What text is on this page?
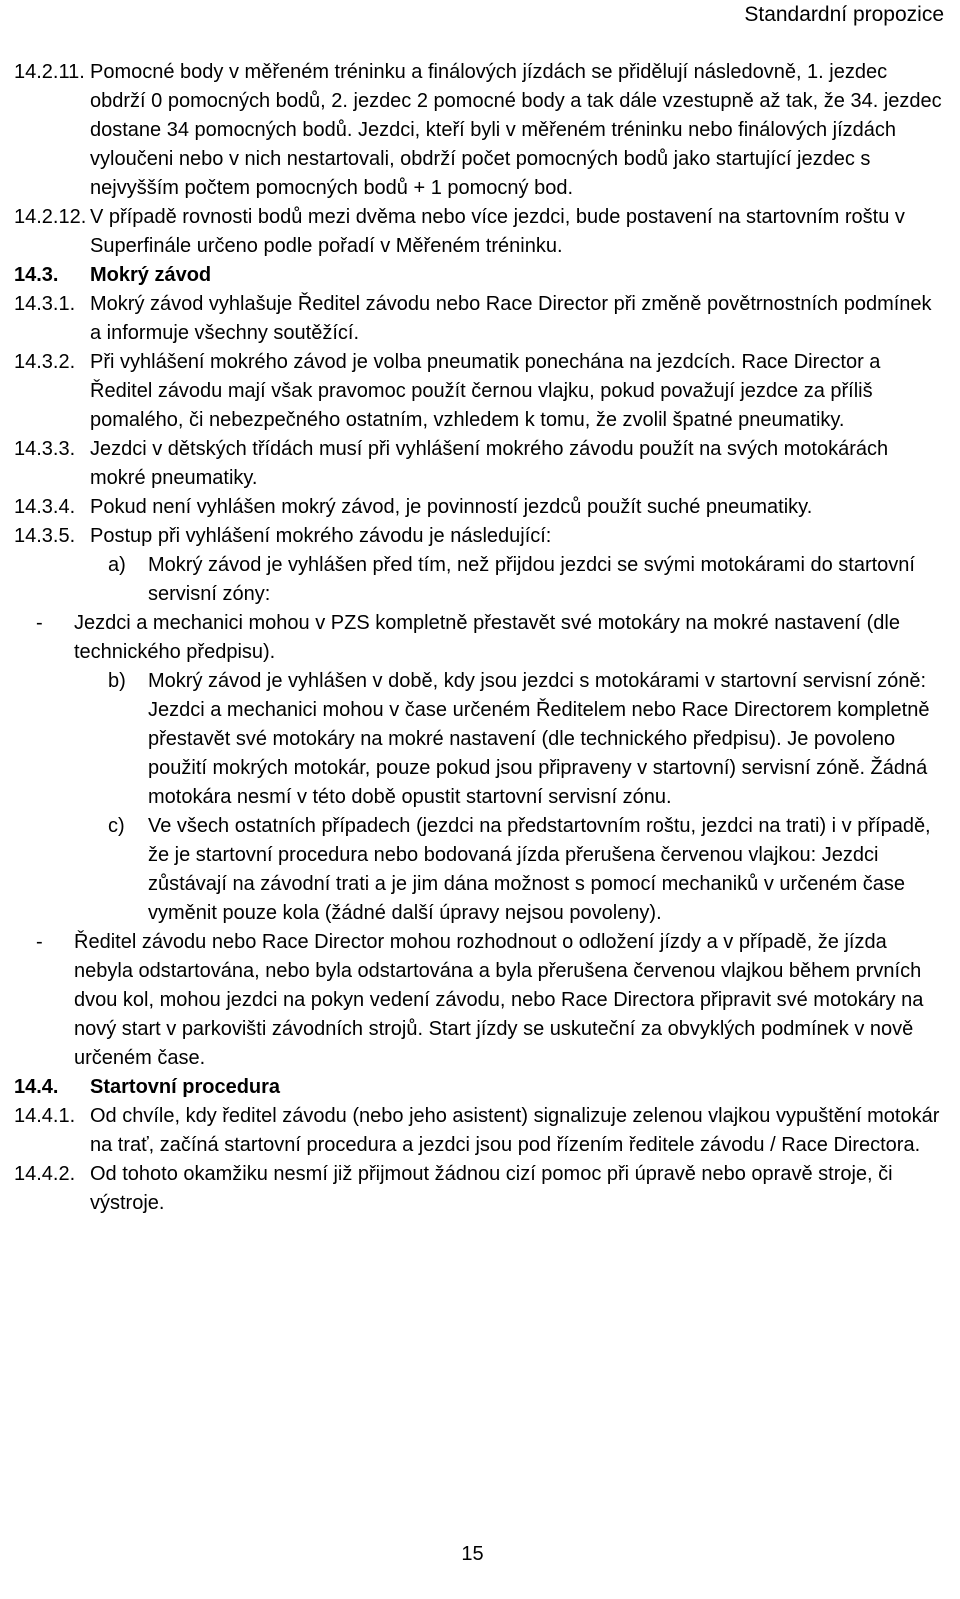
Standardní propozice
14.2.11. Pomocné body v měřeném tréninku a finálových jízdách se přidělují následovně, 1. jezdec obdrží 0 pomocných bodů, 2. jezdec 2 pomocné body a tak dále vzestupně až tak, že 34. jezdec dostane 34 pomocných bodů. Jezdci, kteří byli v měřeném tréninku nebo finálových jízdách vyloučeni nebo v nich nestartovali, obdrží počet pomocných bodů jako startující jezdec s nejvyšším počtem pomocných bodů + 1 pomocný bod.
14.2.12. V případě rovnosti bodů mezi dvěma nebo více jezdci, bude postavení na startovním roštu v Superfinále určeno podle pořadí v Měřeném tréninku.
14.3. Mokrý závod
14.3.1. Mokrý závod vyhlašuje Ředitel závodu nebo Race Director při změně povětrnostních podmínek a informuje všechny soutěžící.
14.3.2. Při vyhlášení mokrého závod je volba pneumatik ponechána na jezdcích. Race Director a Ředitel závodu mají však pravomoc použít černou vlajku, pokud považují jezdce za příliš pomalého, či nebezpečného ostatním, vzhledem k tomu, že zvolil špatné pneumatiky.
14.3.3. Jezdci v dětských třídách musí při vyhlášení mokrého závodu použít na svých motokárách mokré pneumatiky.
14.3.4. Pokud není vyhlášen mokrý závod, je povinností jezdců použít suché pneumatiky.
14.3.5. Postup při vyhlášení mokrého závodu je následující:
a) Mokrý závod je vyhlášen před tím, než přijdou jezdci se svými motokárami do startovní servisní zóny:
- Jezdci a mechanici mohou v PZS kompletně přestavět své motokáry na mokré nastavení (dle technického předpisu).
b) Mokrý závod je vyhlášen v době, kdy jsou jezdci s motokárami v startovní servisní zóně:
Jezdci a mechanici mohou v čase určeném Ředitelem nebo Race Directorem kompletně přestavět své motokáry na mokré nastavení (dle technického předpisu). Je povoleno použití mokrých motokár, pouze pokud jsou připraveny v startovní) servisní zóně. Žádná motokára nesmí v této době opustit startovní servisní zónu.
c) Ve všech ostatních případech (jezdci na předstartovním roštu, jezdci na trati) i v případě, že je startovní procedura nebo bodovaná jízda přerušena červenou vlajkou: Jezdci zůstávají na závodní trati a je jim dána možnost s pomocí mechaniků v určeném čase vyměnit pouze kola (žádné další úpravy nejsou povoleny).
- Ředitel závodu nebo Race Director mohou rozhodnout o odložení jízdy a v případě, že jízda nebyla odstartována, nebo byla odstartována a byla přerušena červenou vlajkou během prvních dvou kol, mohou jezdci na pokyn vedení závodu, nebo Race Directora připravit své motokáry na nový start v parkovišti závodních strojů. Start jízdy se uskuteční za obvyklých podmínek v nově určeném čase.
14.4. Startovní procedura
14.4.1. Od chvíle, kdy ředitel závodu (nebo jeho asistent) signalizuje zelenou vlajkou vypuštění motokár na trať, začíná startovní procedura a jezdci jsou pod řízením ředitele závodu / Race Directora.
14.4.2. Od tohoto okamžiku nesmí již přijmout žádnou cizí pomoc při úpravě nebo opravě stroje, či výstroje.
15
